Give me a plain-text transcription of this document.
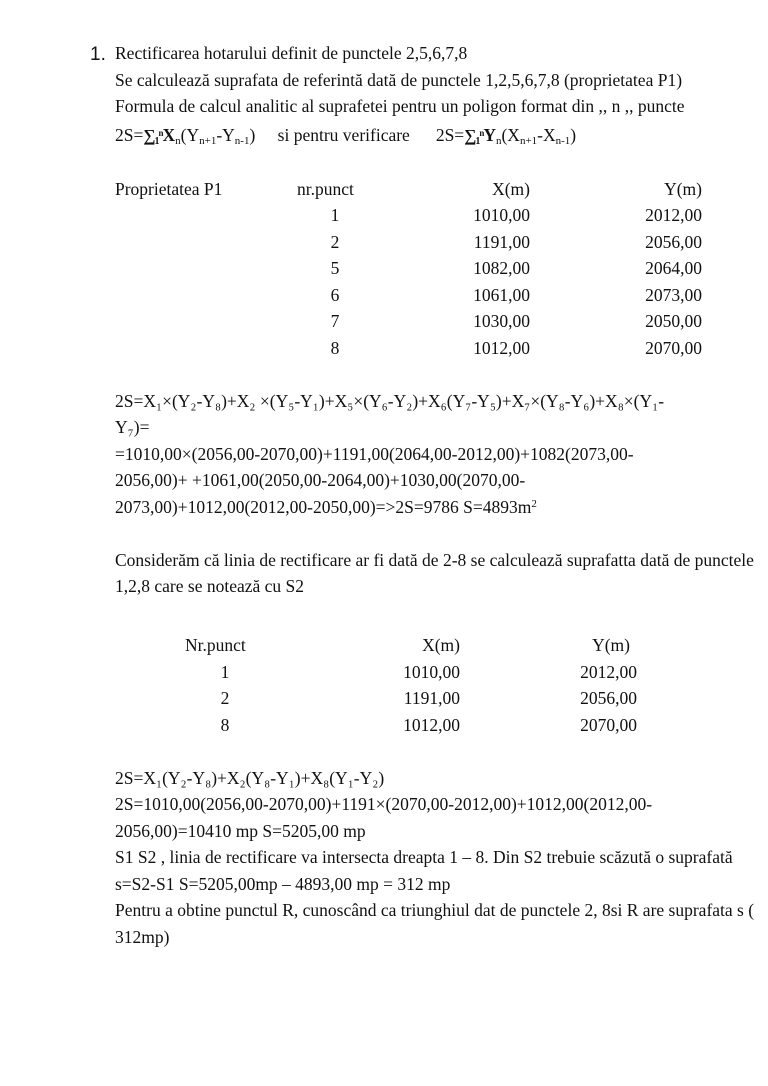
1. Rectificarea hotarului definit de punctele 2,5,6,7,8
Se calculează suprafata de referintă dată de punctele 1,2,5,6,7,8 (proprietatea P1)
Formula de calcul analitic al suprafetei pentru un poligon format din ,, n ,, puncte
$2S=\sum_1^nX_n(Y_{n+1}-Y_{n-1})$ si pentru verificare $2S=\sum_1^nY_n(X_{n+1}-X_{n-1})$
Proprietatea P1	nr.punct	X(m)	Y(m)
1	1010,00	2012,00
2	1191,00	2056,00
5	1082,00	2064,00
6	1061,00	2073,00
7	1030,00	2050,00
8	1012,00	2070,00
2S=X₁×(Y₂-Y₈)+X₂ ×(Y₅-Y₁)+X₅×(Y₆-Y₂)+X₆(Y₇-Y₅)+X₇×(Y₈-Y₆)+X₈×(Y₁-
Y₇)=
=1010,00×(2056,00-2070,00)+1191,00(2064,00-2012,00)+1082(2073,00-
2056,00)+ +1061,00(2050,00-2064,00)+1030,00(2070,00-
2073,00)+1012,00(2012,00-2050,00)=>2S=9786 $S=4893m^2$
Considerăm că linia de rectificare ar fi dată de 2-8 se calculează suprafatta dată de punctele 1,2,8 care se notează cu S2
Nr.punct	X(m)	Y(m)
1	1010,00	2012,00
2	1191,00	2056,00
8	1012,00	2070,00
2S=X₁(Y₂-Y₈)+X₂(Y₈-Y₁)+X₈(Y₁-Y₂)
2S=1010,00(2056,00-2070,00)+1191×(2070,00-2012,00)+1012,00(2012,00-
2056,00)=10410 mp S=5205,00 mp
S1 S2 , linia de rectificare va intersecta dreapta 1 – 8. Din S2 trebuie scăzută o suprafată s=S2-S1 S=5205,00mp – 4893,00 mp = 312 mp
Pentru a obtine punctul R, cunoscând ca triunghiul dat de punctele 2, 8si R are suprafata s ( 312mp)
